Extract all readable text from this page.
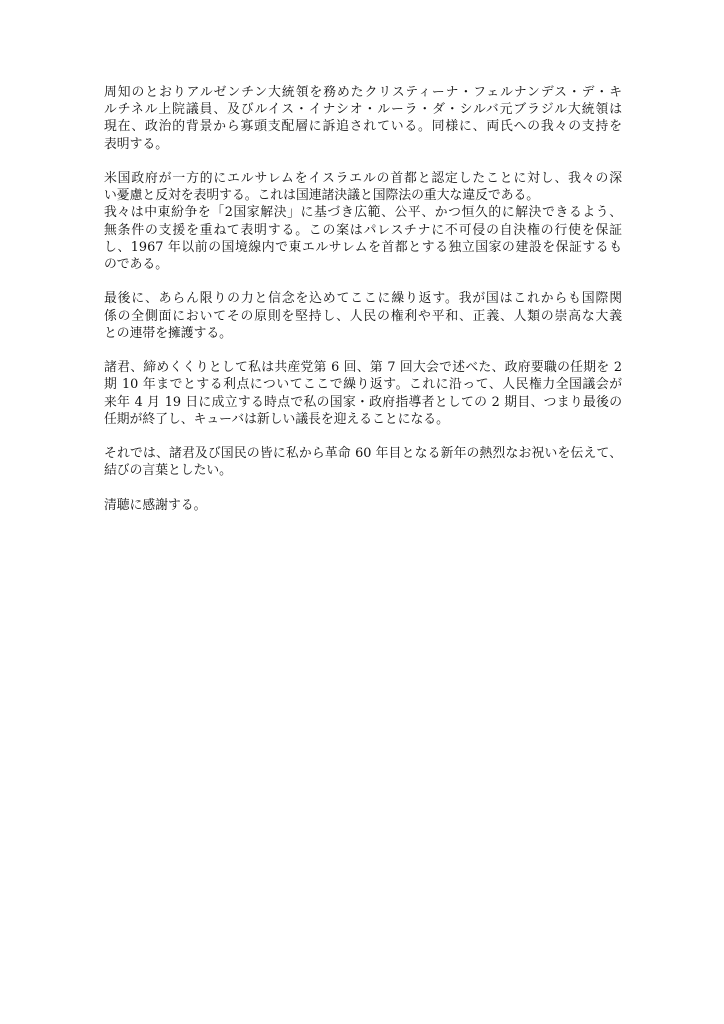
周知のとおりアルゼンチン大統領を務めたクリスティーナ・フェルナンデス・デ・キ
ルチネル上院議員、及びルイス・イナシオ・ルーラ・ダ・シルバ元ブラジル大統領は
現在、政治的背景から寡頭支配層に訴追されている。同様に、両氏への我々の支持を
表明する。
米国政府が一方的にエルサレムをイスラエルの首都と認定したことに対し、我々の深
い憂慮と反対を表明する。これは国連諸決議と国際法の重大な違反である。
我々は中東紛争を「2国家解決」に基づき広範、公平、かつ恒久的に解決できるよう、
無条件の支援を重ねて表明する。この案はパレスチナに不可侵の自決権の行使を保証
し、1967 年以前の国境線内で東エルサレムを首都とする独立国家の建設を保証するも
のである。
最後に、あらん限りの力と信念を込めてここに繰り返す。我が国はこれからも国際関
係の全側面においてその原則を堅持し、人民の権利や平和、正義、人類の崇高な大義
との連帯を擁護する。
諸君、締めくくりとして私は共産党第 6 回、第 7 回大会で述べた、政府要職の任期を 2
期 10 年までとする利点についてここで繰り返す。これに沿って、人民権力全国議会が
来年 4 月 19 日に成立する時点で私の国家・政府指導者としての 2 期目、つまり最後の
任期が終了し、キューバは新しい議長を迎えることになる。
それでは、諸君及び国民の皆に私から革命 60 年目となる新年の熱烈なお祝いを伝えて、
結びの言葉としたい。
清聴に感謝する。
